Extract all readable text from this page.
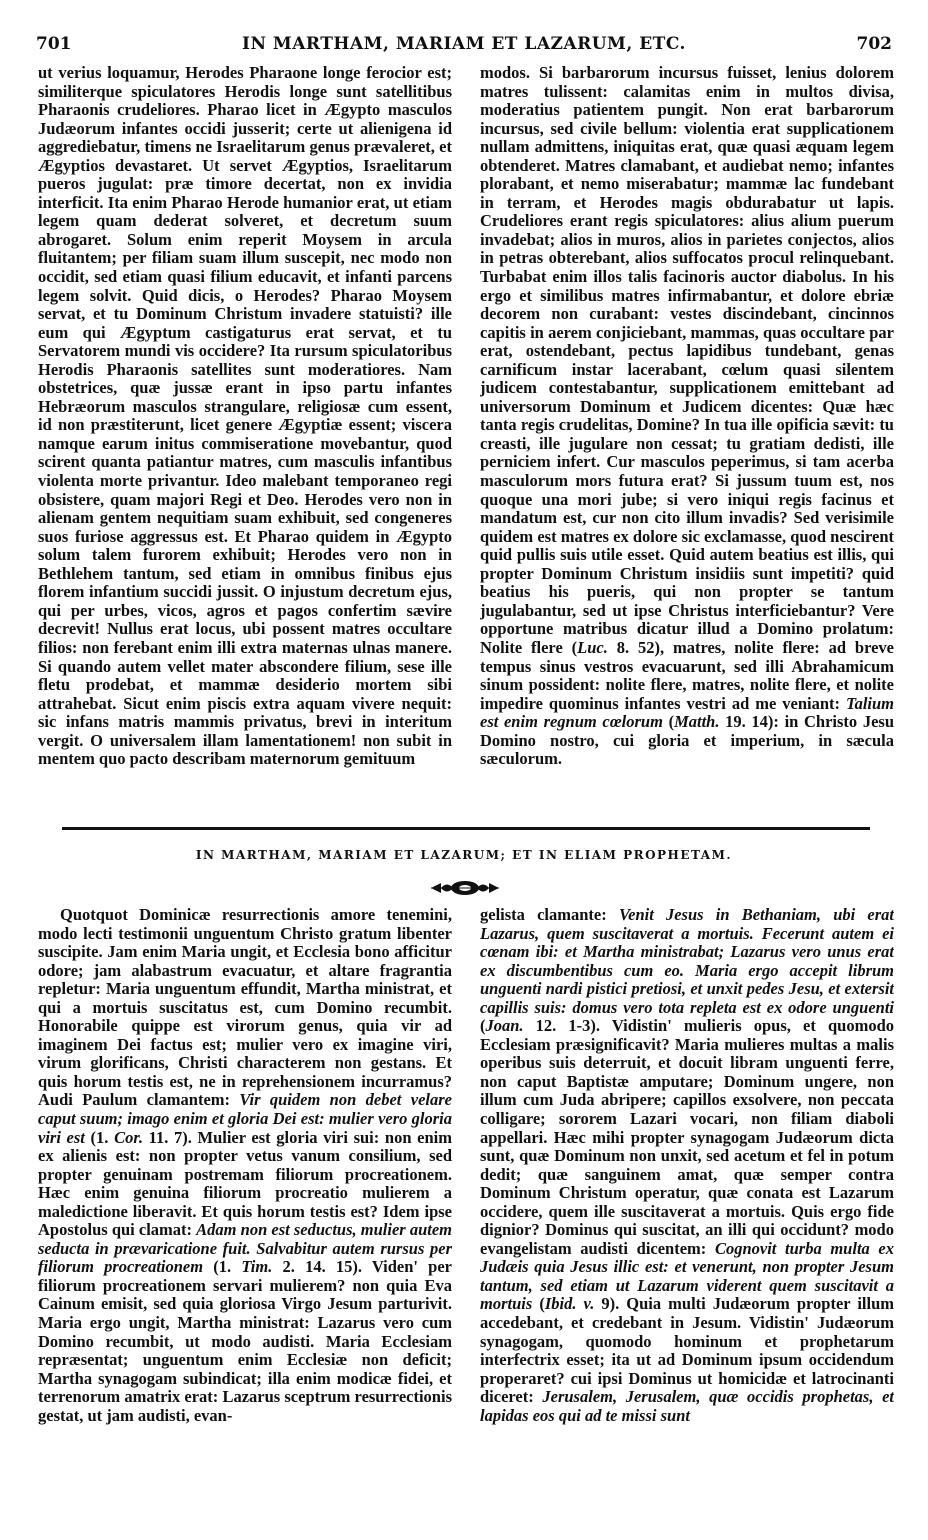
701	IN MARTHAM, MARIAM ET LAZARUM, ETC.	702
ut verius loquamur, Herodes Pharaone longe ferocior est; similiterque spiculatores Herodis longe sunt satellitibus Pharaonis crudeliores. Pharao licet in Ægypto masculos Judæorum infantes occidi jusserit; certe ut alienigena id aggrediebatur, timens ne Israelitarum genus prævaleret, et Ægyptios devastaret. Ut servet Ægyptios, Israelitarum pueros jugulat: præ timore decertat, non ex invidia interficit. Ita enim Pharao Herode humanior erat, ut etiam legem quam dederat solveret, et decretum suum abrogaret. Solum enim reperit Moysem in arcula fluitantem; per filiam suam illum suscepit, nec modo non occidit, sed etiam quasi filium educavit, et infanti parcens legem solvit. Quid dicis, o Herodes? Pharao Moysem servat, et tu Dominum Christum invadere statuisti? ille eum qui Ægyptum castigaturus erat servat, et tu Servatorem mundi vis occidere? Ita rursum spiculatoribus Herodis Pharaonis satellites sunt moderatiores. Nam obstetrices, quæ jussæ erant in ipso partu infantes Hebræorum masculos strangulare, religiosæ cum essent, id non præstiterunt, licet genere Ægyptiæ essent; viscera namque earum initus commiseratione movebantur, quod scirent quanta patiantur matres, cum masculis infantibus violenta morte privantur. Ideo malebant temporaneo regi obsistere, quam majori Regi et Deo. Herodes vero non in alienam gentem nequitiam suam exhibuit, sed congeneres suos furiose aggressus est. Et Pharao quidem in Ægypto solum talem furorem exhibuit; Herodes vero non in Bethlehem tantum, sed etiam in omnibus finibus ejus florem infantium succidi jussit. O injustum decretum ejus, qui per urbes, vicos, agros et pagos confertim sævire decrevit! Nullus erat locus, ubi possent matres occultare filios: non ferebant enim illi extra maternas ulnas manere. Si quando autem vellet mater abscondere filium, sese ille fletu prodebat, et mammæ desiderio mortem sibi attrahebat. Sicut enim piscis extra aquam vivere nequit: sic infans matris mammis privatus, brevi in interitum vergit. O universalem illam lamentationem! non subit in mentem quo pacto describam maternorum gemituum
modos. Si barbarorum incursus fuisset, lenius dolorem matres tulissent: calamitas enim in multos divisa, moderatius patientem pungit. Non erat barbarorum incursus, sed civile bellum: violentia erat supplicationem nullam admittens, iniquitas erat, quæ quasi æquam legem obtenderet. Matres clamabant, et audiebat nemo; infantes plorabant, et nemo miserabatur; mammæ lac fundebant in terram, et Herodes magis obdurabatur ut lapis. Crudeliores erant regis spiculatores: alius alium puerum invadebat; alios in muros, alios in parietes conjectos, alios in petras obterebant, alios suffocatos procul relinquebant. Turbabat enim illos talis facinoris auctor diabolus. In his ergo et similibus matres infirmabantur, et dolore ebriæ decorem non curabant: vestes discindebant, cincinnos capitis in aerem conjiciebant, mammas, quas occultare par erat, ostendebant, pectus lapidibus tundebant, genas carnificum instar lacerabant, cœlum quasi silentem judicem contestabantur, supplicationem emittebant ad universorum Dominum et Judicem dicentes: Quæ hæc tanta regis crudelitas, Domine? In tua ille opificia sævit: tu creasti, ille jugulare non cessat; tu gratiam dedisti, ille perniciem infert. Cur masculos peperimus, si tam acerba masculorum mors futura erat? Si jussum tuum est, nos quoque una mori jube; si vero iniqui regis facinus et mandatum est, cur non cito illum invadis? Sed verisimile quidem est matres ex dolore sic exclamasse, quod nescirent quid pullis suis utile esset. Quid autem beatius est illis, qui propter Dominum Christum insidiis sunt impetiti? quid beatius his pueris, qui non propter se tantum jugulabantur, sed ut ipse Christus interficiebantur? Vere opportune matribus dicatur illud a Domino prolatum: Nolite flere (Luc. 8. 52), matres, nolite flere: ad breve tempus sinus vestros evacuarunt, sed illi Abrahamicum sinum possident: nolite flere, matres, nolite flere, et nolite impedire quominus infantes vestri ad me veniant: Talium est enim regnum cœlorum (Matth. 19. 14): in Christo Jesu Domino nostro, cui gloria et imperium, in sæcula sæculorum.
IN MARTHAM, MARIAM ET LAZARUM; ET IN ELIAM PROPHETAM.
Quotquot Dominicæ resurrectionis amore tenemini, modo lecti testimonii unguentum Christo gratum libenter suscipite. Jam enim Maria ungit, et Ecclesia bono afficitur odore; jam alabastrum evacuatur, et altare fragrantia repletur: Maria unguentum effundit, Martha ministrat, et qui a mortuis suscitatus est, cum Domino recumbit. Honorabile quippe est virorum genus, quia vir ad imaginem Dei factus est; mulier vero ex imagine viri, virum glorificans, Christi characterem non gestans. Et quis horum testis est, ne in reprehensionem incurramus? Audi Paulum clamantem: Vir quidem non debet velare caput suum; imago enim et gloria Dei est: mulier vero gloria viri est (1. Cor. 11. 7). Mulier est gloria viri sui: non enim ex alienis est: non propter vetus vanum consilium, sed propter genuinam postremam filiorum procreationem. Hæc enim genuina filiorum procreatio mulierem a maledictione liberavit. Et quis horum testis est? Idem ipse Apostolus qui clamat: Adam non est seductus, mulier autem seducta in prævaricatione fuit. Salvabitur autem rursus per filiorum procreationem (1. Tim. 2. 14. 15). Viden' per filiorum procreationem servari mulierem? non quia Eva Cainum emisit, sed quia gloriosa Virgo Jesum parturivit. Maria ergo ungit, Martha ministrat: Lazarus vero cum Domino recumbit, ut modo audisti. Maria Ecclesiam repræsentat; unguentum enim Ecclesiæ non deficit; Martha synagogam subindicat; illa enim modicæ fidei, et terrenorum amatrix erat: Lazarus sceptrum resurrectionis gestat, ut jam audisti, evan-
gelista clamante: Venit Jesus in Bethaniam, ubi erat Lazarus, quem suscitaverat a mortuis. Fecerunt autem ei cœnam ibi: et Martha ministrabat; Lazarus vero unus erat ex discumbentibus cum eo. Maria ergo accepit librum unguenti nardi pistici pretiosi, et unxit pedes Jesu, et extersit capillis suis: domus vero tota repleta est ex odore unguenti (Joan. 12. 1-3). Vidistin' mulieris opus, et quomodo Ecclesiam præsignificavit? Maria mulieres multas a malis operibus suis deterruit, et docuit libram unguenti ferre, non caput Baptistæ amputare; Dominum ungere, non illum cum Juda abripere; capillos exsolvere, non peccata colligare; sororem Lazari vocari, non filiam diaboli appellari. Hæc mihi propter synagogam Judæorum dicta sunt, quæ Dominum non unxit, sed acetum et fel in potum dedit; quæ sanguinem amat, quæ semper contra Dominum Christum operatur, quæ conata est Lazarum occidere, quem ille suscitaverat a mortuis. Quis ergo fide dignior? Dominus qui suscitat, an illi qui occidunt? modo evangelistam audisti dicentem: Cognovit turba multa ex Judæis quia Jesus illic est: et venerunt, non propter Jesum tantum, sed etiam ut Lazarum viderent quem suscitavit a mortuis (Ibid. v. 9). Quia multi Judæorum propter illum accedebant, et credebant in Jesum. Vidistin' Judæorum synagogam, quomodo hominum et prophetarum interfectrix esset; ita ut ad Dominum ipsum occidendum properaret? cui ipsi Dominus ut homicidæ et latrocinanti diceret: Jerusalem, Jerusalem, quæ occidis prophetas, et lapidas eos qui ad te missi sunt
